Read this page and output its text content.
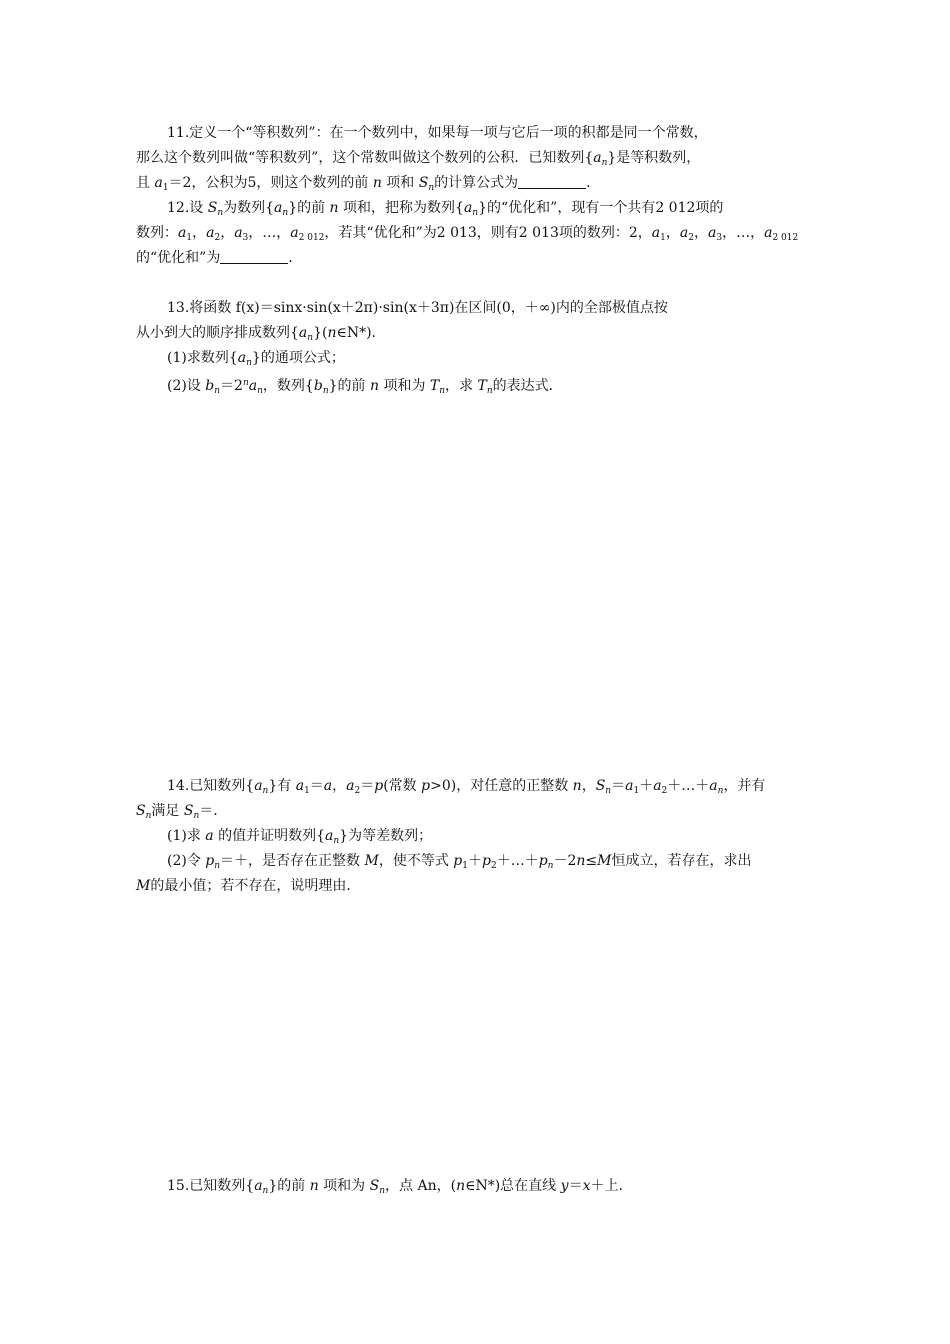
11.定义一个“等积数列”：在一个数列中，如果每一项与它后一项的积都是同一个常数，
那么这个数列叫做“等积数列”，这个常数叫做这个数列的公积．已知数列$\{a_n\}$是等积数列，
且 $a_1=2$，公积为5，则这个数列的前 n 项和 $S_n$的计算公式为	．
12.设 $S_n$为数列$\{a_n\}$的前 n 项和，把称为数列$\{a_n\}$的“优化和”，现有一个共有2 012项的
数列：$a_1$，$a_2$，$a_3$，…，$a_{2 012}$，若其“优化和”为2 013，则有2 013项的数列：2，$a_1$，$a_2$，$a_3$，…，$a_{2 012}$
的“优化和”为	．
13.将函数 f(x)＝sinx·sin(x＋2π)·sin(x＋3π)在区间(0，＋∞)内的全部极值点按
从小到大的顺序排成数列$\{a_n\}(n\in N*)$．
(1)求数列$\{a_n\}$的通项公式；
(2)设 $b_n=2^na_n$，数列$\{b_n\}$的前 n 项和为 $T_n$，求 $T_n$的表达式．
14.已知数列$\{a_n\}$有 $a_1=a$，$a_2=p$(常数 p>0)，对任意的正整数 n，$S_n=a_1+a_2+\dots+a_n$，并有
$S_n$满足 $S_n=$.
(1)求 a 的值并证明数列$\{a_n\}$为等差数列；
(2)令 $p_n=+$，是否存在正整数 M，使不等式 $p_1+p_2+\dots+p_n-2n\le M$恒成立，若存在，求出
M的最小值；若不存在，说明理由.
15.已知数列$\{a_n\}$的前 n 项和为 $S_n$，点 An，(n∈N*)总在直线 y＝x＋上.
